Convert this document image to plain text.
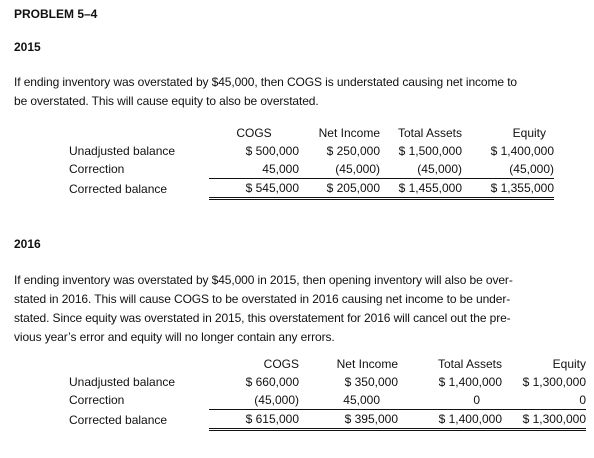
PROBLEM 5–4
2015
If ending inventory was overstated by $45,000, then COGS is understated causing net income to
be overstated. This will cause equity to also be overstated.
	COGS	Net Income	Total Assets	Equity
Unadjusted balance	$ 500,000	$ 250,000	$ 1,500,000	$ 1,400,000
Correction	45,000	(45,000)	(45,000)	(45,000)
Corrected balance	$ 545,000	$ 205,000	$ 1,455,000	$ 1,355,000
2016
If ending inventory was overstated by $45,000 in 2015, then opening inventory will also be over-
stated in 2016. This will cause COGS to be overstated in 2016 causing net income to be under-
stated. Since equity was overstated in 2015, this overstatement for 2016 will cancel out the pre-
vious year’s error and equity will no longer contain any errors.
	COGS	Net Income	Total Assets	Equity
Unadjusted balance	$ 660,000	$ 350,000	$ 1,400,000	$ 1,300,000
Correction	(45,000)	45,000	0	0
Corrected balance	$ 615,000	$ 395,000	$ 1,400,000	$ 1,300,000
